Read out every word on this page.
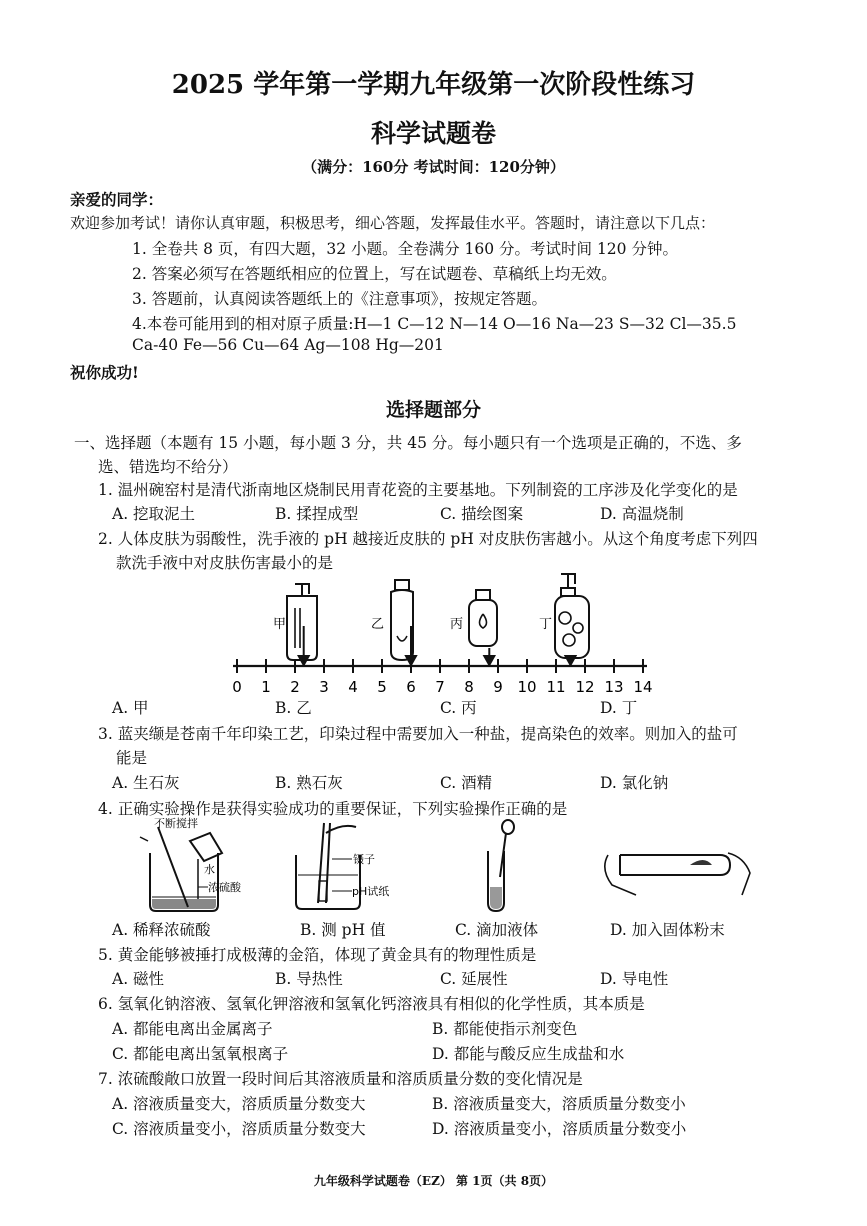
2025 学年第一学期九年级第一次阶段性练习
科学试题卷
（满分：160分 考试时间：120分钟）
亲爱的同学：
欢迎参加考试！请你认真审题，积极思考，细心答题，发挥最佳水平。答题时，请注意以下几点：
1. 全卷共 8 页，有四大题，32 小题。全卷满分 160 分。考试时间 120 分钟。
2. 答案必须写在答题纸相应的位置上，写在试题卷、草稿纸上均无效。
3. 答题前，认真阅读答题纸上的《注意事项》，按规定答题。
4.本卷可能用到的相对原子质量:H—1 C—12 N—14 O—16 Na—23 S—32 Cl—35.5
Ca-40 Fe—56 Cu—64 Ag—108 Hg—201
祝你成功!
选择题部分
一、选择题（本题有 15 小题，每小题 3 分，共 45 分。每小题只有一个选项是正确的，不选、多
选、错选均不给分）
1. 温州碗窑村是清代浙南地区烧制民用青花瓷的主要基地。下列制瓷的工序涉及化学变化的是
A. 挖取泥土	B. 揉捏成型	C. 描绘图案	D. 高温烧制
2. 人体皮肤为弱酸性，洗手液的 pH 越接近皮肤的 pH 对皮肤伤害越小。从这个角度考虑下列四
款洗手液中对皮肤伤害最小的是
甲	乙	丙	丁
0 1 2 3 4 5 6 7 8 9 10 11 12 13 14
A. 甲	B. 乙	C. 丙	D. 丁
3. 蓝夹缬是苍南千年印染工艺，印染过程中需要加入一种盐，提高染色的效率。则加入的盐可
能是
A. 生石灰	B. 熟石灰	C. 酒精	D. 氯化钠
4. 正确实验操作是获得实验成功的重要保证，下列实验操作正确的是
不断搅拌
水
浓硫酸
镊子
pH试纸
A. 稀释浓硫酸	B. 测 pH 值	C. 滴加液体	D. 加入固体粉末
5. 黄金能够被捶打成极薄的金箔，体现了黄金具有的物理性质是
A. 磁性	B. 导热性	C. 延展性	D. 导电性
6. 氢氧化钠溶液、氢氧化钾溶液和氢氧化钙溶液具有相似的化学性质，其本质是
A. 都能电离出金属离子	B. 都能使指示剂变色
C. 都能电离出氢氧根离子	D. 都能与酸反应生成盐和水
7. 浓硫酸敞口放置一段时间后其溶液质量和溶质质量分数的变化情况是
A. 溶液质量变大，溶质质量分数变大	B. 溶液质量变大，溶质质量分数变小
C. 溶液质量变小，溶质质量分数变大	D. 溶液质量变小，溶质质量分数变小
九年级科学试题卷（EZ） 第 1页（共 8页）
